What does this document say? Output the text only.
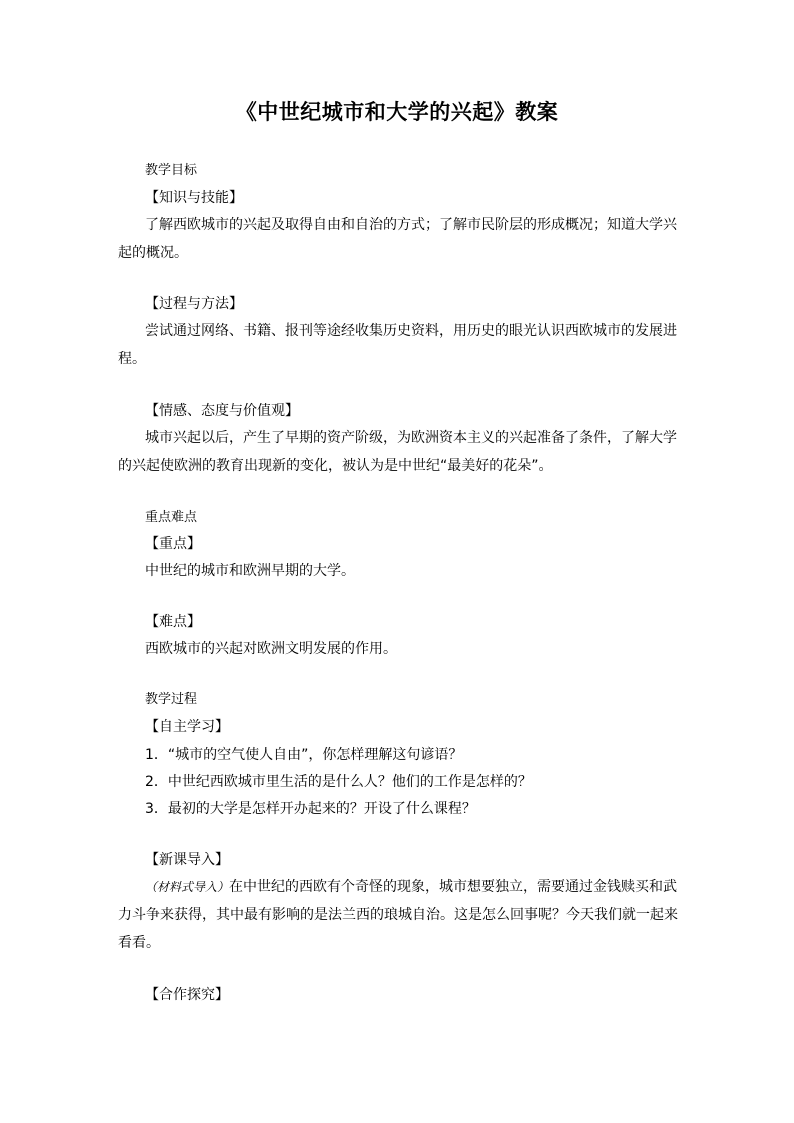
《中世纪城市和大学的兴起》教案

教学目标

【知识与技能】

了解西欧城市的兴起及取得自由和自治的方式；了解市民阶层的形成概况；知道大学兴起的概况。

【过程与方法】

尝试通过网络、书籍、报刊等途经收集历史资料，用历史的眼光认识西欧城市的发展进程。

【情感、态度与价值观】

城市兴起以后，产生了早期的资产阶级，为欧洲资本主义的兴起准备了条件，了解大学的兴起使欧洲的教育出现新的变化，被认为是中世纪“最美好的花朵”。

重点难点

【重点】

中世纪的城市和欧洲早期的大学。

【难点】

西欧城市的兴起对欧洲文明发展的作用。

教学过程

【自主学习】

1．“城市的空气使人自由”，你怎样理解这句谚语？

2．中世纪西欧城市里生活的是什么人？他们的工作是怎样的？

3．最初的大学是怎样开办起来的？开设了什么课程？

【新课导入】

（材料式导入）在中世纪的西欧有个奇怪的现象，城市想要独立，需要通过金钱赎买和武力斗争来获得，其中最有影响的是法兰西的琅城自治。这是怎么回事呢？今天我们就一起来看看。

【合作探究】
